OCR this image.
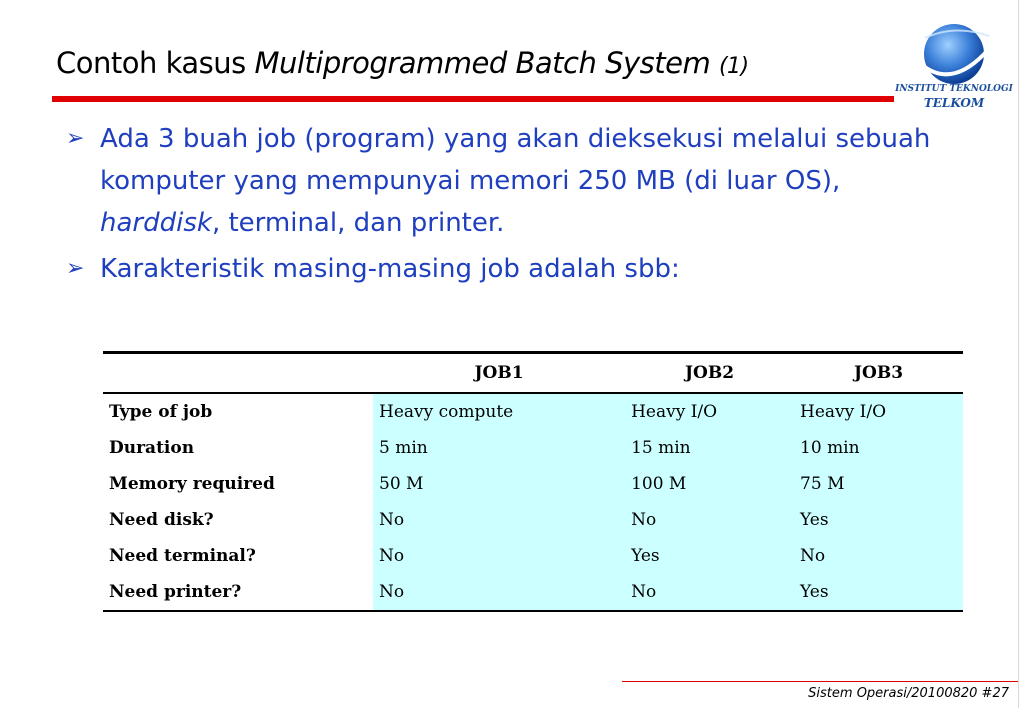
Contoh kasus Multiprogrammed Batch System (1)
INSTITUT TEKNOLOGI
TELKOM
➢ Ada 3 buah job (program) yang akan dieksekusi melalui sebuah komputer yang mempunyai memori 250 MB (di luar OS), harddisk, terminal, dan printer.
➢ Karakteristik masing-masing job adalah sbb:
	JOB1	JOB2	JOB3
Type of job	Heavy compute	Heavy I/O	Heavy I/O
Duration	5 min	15 min	10 min
Memory required	50 M	100 M	75 M
Need disk?	No	No	Yes
Need terminal?	No	Yes	No
Need printer?	No	No	Yes

Sistem Operasi/20100820 #27
